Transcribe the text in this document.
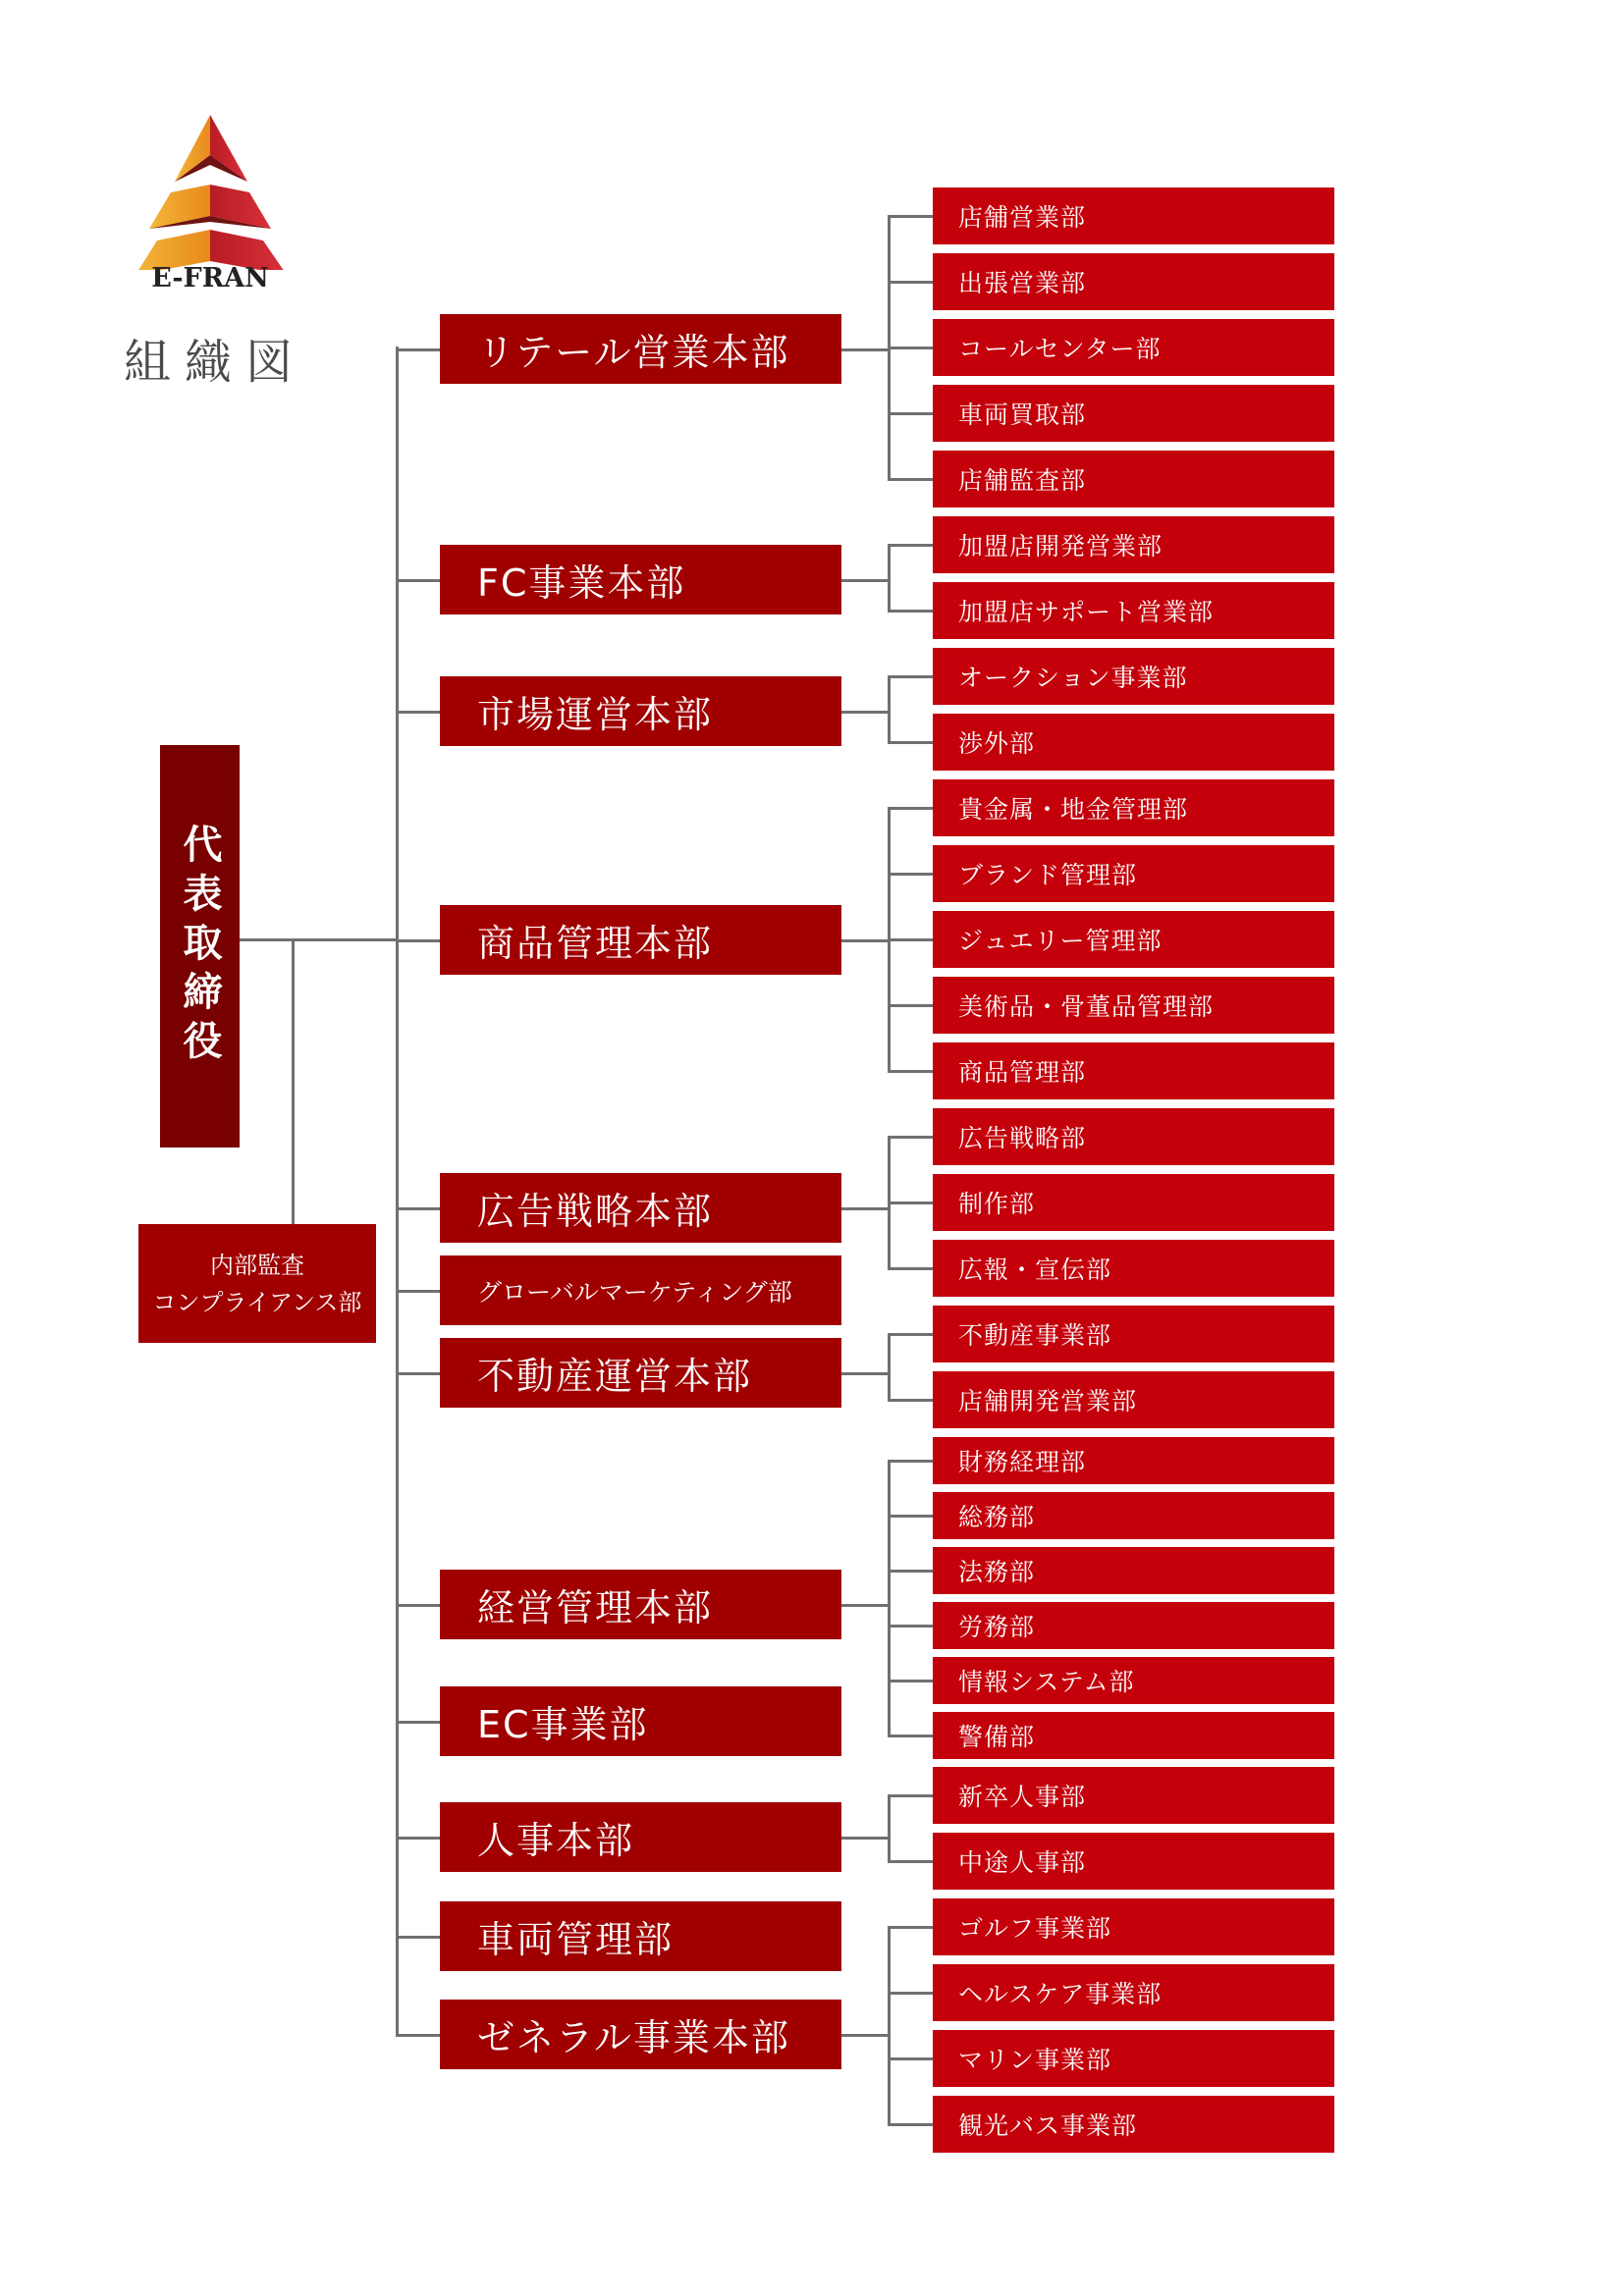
E-FRAN
組織図
代表取締役
内部監査
コンプライアンス部
リテール営業本部
店舗営業部
出張営業部
コールセンター部
車両買取部
店舗監査部
FC事業本部
加盟店開発営業部
加盟店サポート営業部
市場運営本部
オークション事業部
渉外部
商品管理本部
貴金属・地金管理部
ブランド管理部
ジュエリー管理部
美術品・骨董品管理部
商品管理部
広告戦略本部
広告戦略部
制作部
広報・宣伝部
グローバルマーケティング部
不動産運営本部
不動産事業部
店舗開発営業部
経営管理本部
財務経理部
総務部
法務部
労務部
情報システム部
警備部
EC事業部
人事本部
新卒人事部
中途人事部
車両管理部
ゼネラル事業本部
ゴルフ事業部
ヘルスケア事業部
マリン事業部
観光バス事業部
